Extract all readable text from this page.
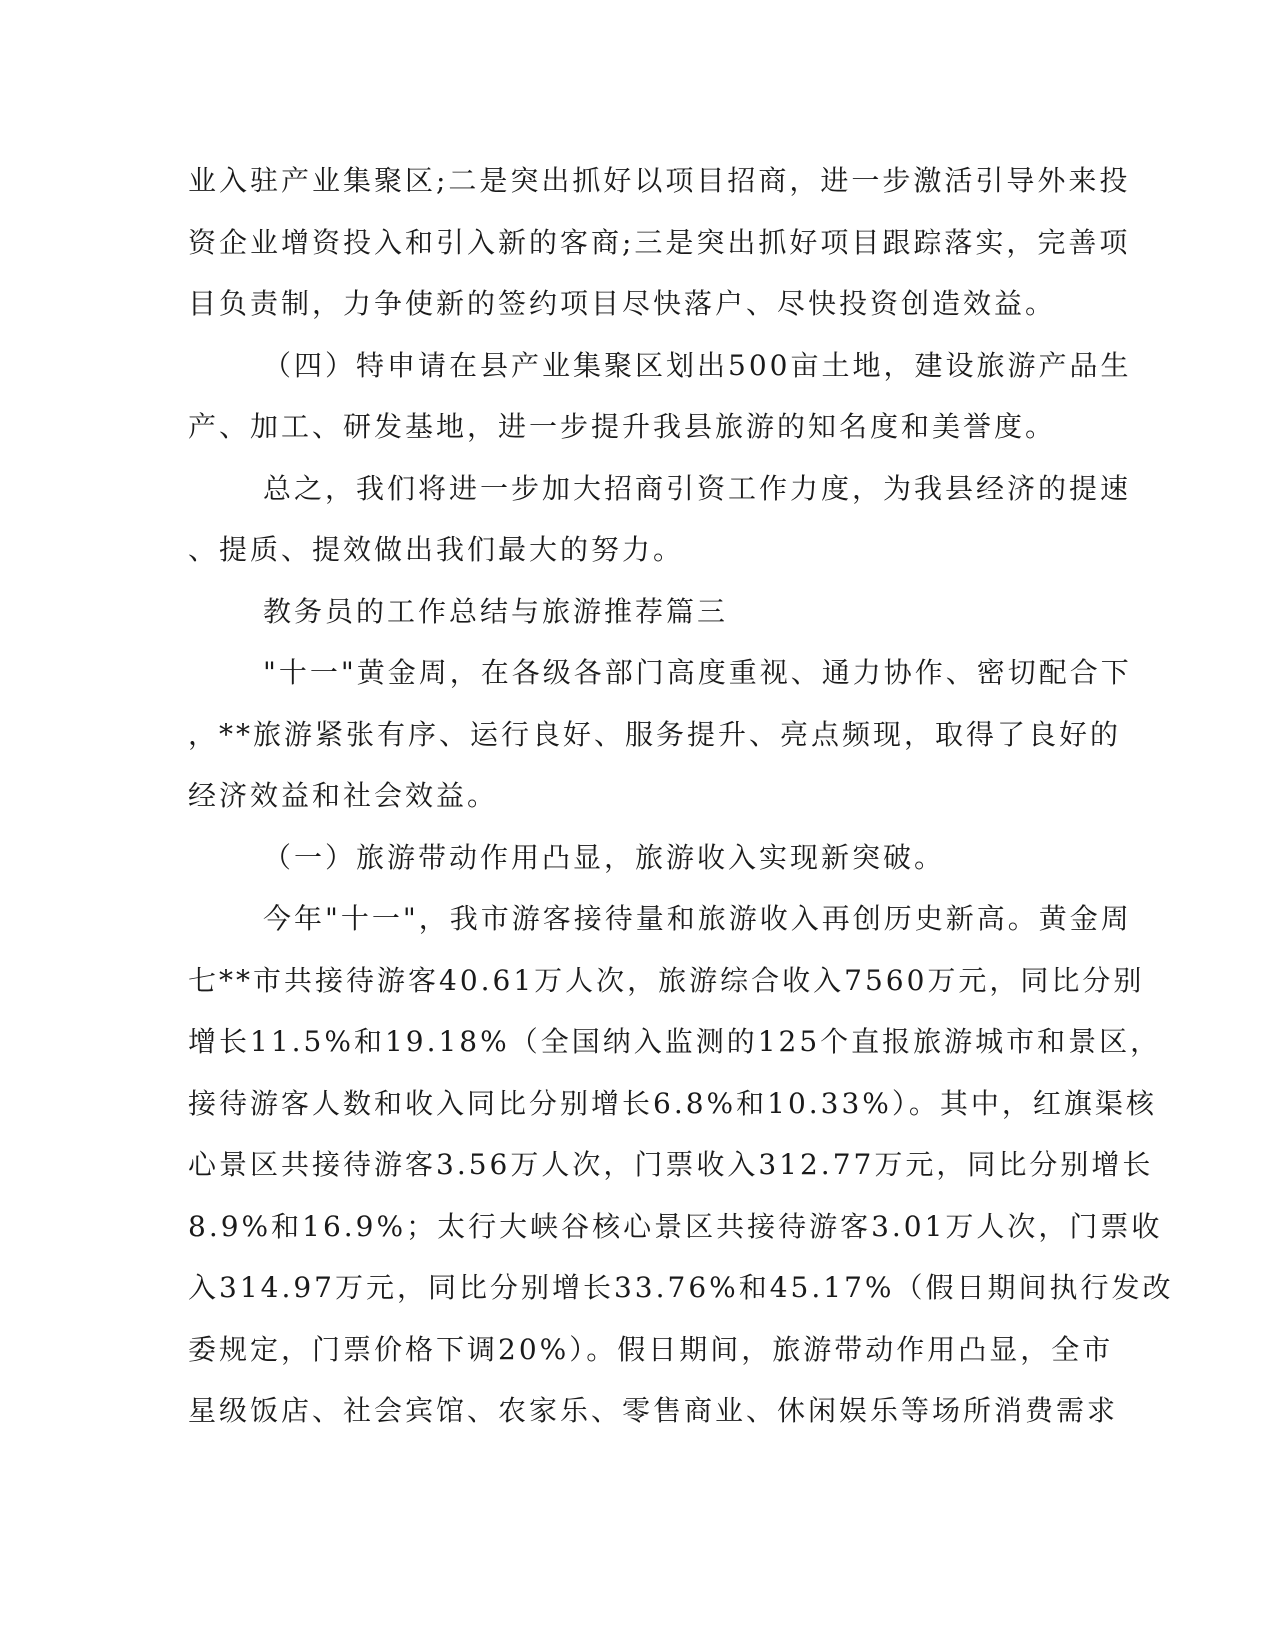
业入驻产业集聚区;二是突出抓好以项目招商，进一步激活引导外来投
资企业增资投入和引入新的客商;三是突出抓好项目跟踪落实，完善项
目负责制，力争使新的签约项目尽快落户、尽快投资创造效益。
（四）特申请在县产业集聚区划出500亩土地，建设旅游产品生
产、加工、研发基地，进一步提升我县旅游的知名度和美誉度。
总之，我们将进一步加大招商引资工作力度，为我县经济的提速
、提质、提效做出我们最大的努力。
教务员的工作总结与旅游推荐篇三
"十一"黄金周，在各级各部门高度重视、通力协作、密切配合下
，**旅游紧张有序、运行良好、服务提升、亮点频现，取得了良好的
经济效益和社会效益。
（一）旅游带动作用凸显，旅游收入实现新突破。
今年"十一"，我市游客接待量和旅游收入再创历史新高。黄金周
七**市共接待游客40.61万人次，旅游综合收入7560万元，同比分别
增长11.5%和19.18%（全国纳入监测的125个直报旅游城市和景区，
接待游客人数和收入同比分别增长6.8%和10.33%）。其中，红旗渠核
心景区共接待游客3.56万人次，门票收入312.77万元，同比分别增长
8.9%和16.9%；太行大峡谷核心景区共接待游客3.01万人次，门票收
入314.97万元，同比分别增长33.76%和45.17%（假日期间执行发改
委规定，门票价格下调20%）。假日期间，旅游带动作用凸显，全市
星级饭店、社会宾馆、农家乐、零售商业、休闲娱乐等场所消费需求
